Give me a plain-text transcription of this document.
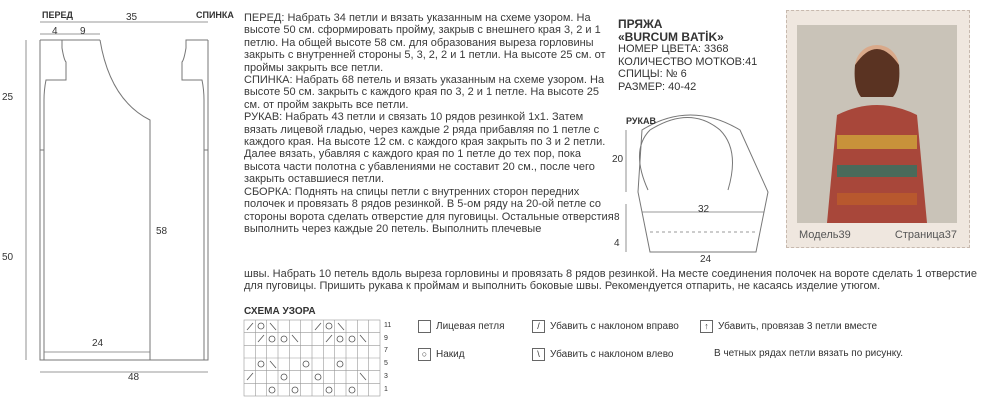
ПЕРЕД	СПИНКА
35
4 9
25
50
58
24
48

ПЕРЕД: Набрать 34 петли и вязать указанным на схеме узором. На высоте 50 см. сформировать пройму, закрыв с внешнего края 3, 2 и 1 петлю. На общей высоте 58 см. для образования выреза горловины закрыть с внутренней стороны 5, 3, 2, 2 и 1 петли. На высоте 25 см. от проймы закрыть все петли.

СПИНКА: Набрать 68 петель и вязать указанным на схеме узором. На высоте 50 см. закрыть с каждого края по 3, 2 и 1 петле. На высоте 25 см. от пройм закрыть все петли.

РУКАВ: Набрать 43 петли и связать 10 рядов резинкой 1х1. Затем вязать лицевой гладью, через каждые 2 ряда прибавляя по 1 петле с каждого края. На высоте 12 см. с каждого края закрыть по 3 и 2 петли. Далее вязать, убавляя с каждого края по 1 петле до тех пор, пока высота части полотна с убавлениями не составит 20 см., после чего закрыть оставшиеся петли.

СБОРКА: Поднять на спицы петли с внутренних сторон передних полочек и провязать 8 рядов резинкой. В 5-ом ряду на 20-ой петле со стороны ворота сделать отверстие для пуговицы. Остальные отверстия выполнить через каждые 20 петель. Выполнить плечевые

швы. Набрать 10 петель вдоль выреза горловины и провязать 8 рядов резинкой. На месте соединения полочек на вороте сделать 1 отверстие для пуговицы. Пришить рукава к проймам и выполнить боковые швы. Рекомендуется отпарить, не касаясь изделие утюгом.
ПРЯЖА
«BURCUM BATİK»
НОМЕР ЦВЕТА: 3368
КОЛИЧЕСТВО МОТКОВ:41
СПИЦЫ: № 6
РАЗМЕР: 40-42
РУКАВ
20
32
8
4
24
Модель39	Страница37
СХЕМА УЗОРА
11
9
7
5
3
1
Лицевая петля
○ Накид
/ Убавить с наклоном вправо
\ Убавить с наклоном влево
↑ Убавить, провязав 3 петли вместе
В четных рядах петли вязать по рисунку.
